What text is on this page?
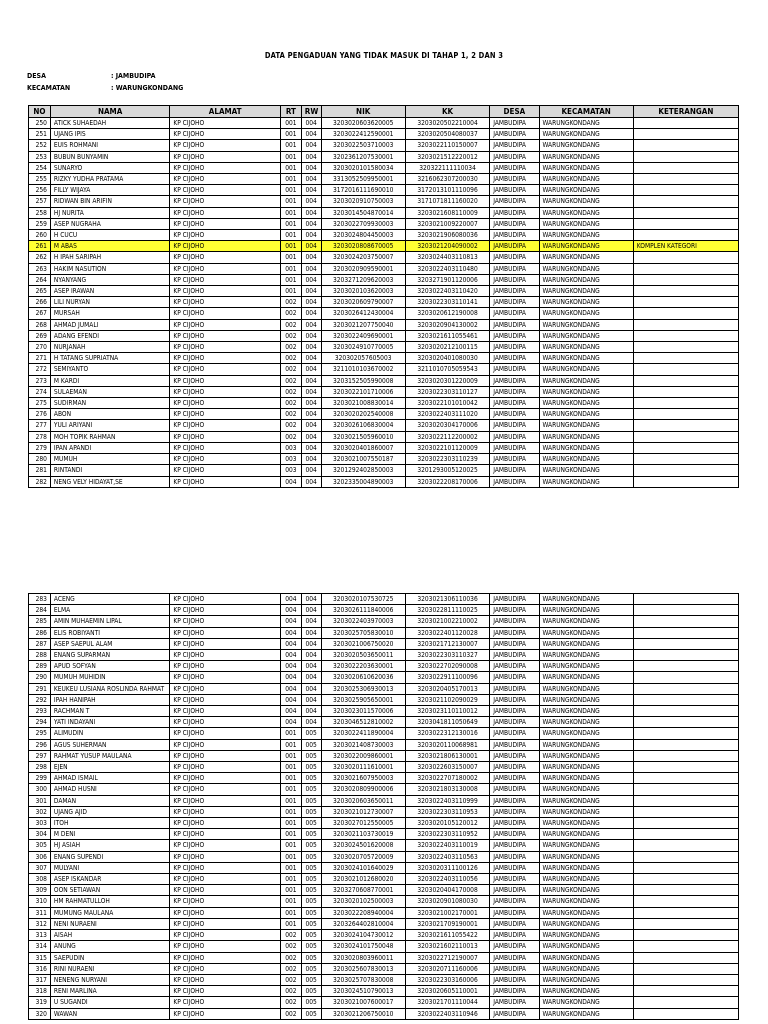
DATA PENGADUAN YANG TIDAK MASUK DI TAHAP 1, 2 DAN 3
DESA	: JAMBUDIPA
KECAMATAN	: WARUNGKONDANG
NO	NAMA	ALAMAT	RT	RW	NIK	KK	DESA	KECAMATAN	KETERANGAN
250	ATICK SUHAEDAH	KP CIJOHO	001	004	3203020603620005	3203020502210004	JAMBUDIPA	WARUNGKONDANG	
251	UJANG IPIS	KP CIJOHO	001	004	3203022412590001	3203020504080037	JAMBUDIPA	WARUNGKONDANG	
252	EUIS ROHMANI	KP CIJOHO	001	004	3203022503710003	3203022110150007	JAMBUDIPA	WARUNGKONDANG	
253	BUBUN BUNYAMIN	KP CIJOHO	001	004	3202361207530001	3203021512220012	JAMBUDIPA	WARUNGKONDANG	
254	SUNARYO	KP CIJOHO	001	004	3203020101580034	320322111110034	JAMBUDIPA	WARUNGKONDANG	
255	RIZKY YUDHA PRATAMA	KP CIJOHO	001	004	3313052509950001	3216062307200030	JAMBUDIPA	WARUNGKONDANG	
256	FILLY WIJAYA	KP CIJOHO	001	004	3172016111690010	3172013101110096	JAMBUDIPA	WARUNGKONDANG	
257	RIDWAN BIN ARIFIN	KP CIJOHO	001	004	3203020910750003	3171071811160020	JAMBUDIPA	WARUNGKONDANG	
258	HJ NURITA	KP CIJOHO	001	004	3203014504870014	3203021608110009	JAMBUDIPA	WARUNGKONDANG	
259	ASEP NUGRAHA	KP CIJOHO	001	004	3203022709930003	3203021009220007	JAMBUDIPA	WARUNGKONDANG	
260	H CUCU	KP CIJOHO	001	004	3203024804450003	3203021906080036	JAMBUDIPA	WARUNGKONDANG	
261	M ABAS	KP CIJOHO	001	004	3203020808670005	3203021204090002	JAMBUDIPA	WARUNGKONDANG	KOMPLEN KATEGORI
262	H IPAH SARIPAH	KP CIJOHO	001	004	3203024203750007	3203024403110813	JAMBUDIPA	WARUNGKONDANG	
263	HAKIM NASUTION	KP CIJOHO	001	004	3203020909590001	3203022403110480	JAMBUDIPA	WARUNGKONDANG	
264	NYANYANG	KP CIJOHO	001	004	3203271209620003	3203271901120006	JAMBUDIPA	WARUNGKONDANG	
265	ASEP IRAWAN	KP CIJOHO	001	004	3203020103620003	3203022403110420	JAMBUDIPA	WARUNGKONDANG	
266	LILI NURYAN	KP CIJOHO	002	004	3203020609790007	3203022303110141	JAMBUDIPA	WARUNGKONDANG	
267	MURSAH	KP CIJOHO	002	004	3203026412430004	3203020612190008	JAMBUDIPA	WARUNGKONDANG	
268	AHMAD JUMALI	KP CIJOHO	002	004	3203021207750040	3203020904130002	JAMBUDIPA	WARUNGKONDANG	
269	ADANG EFENDI	KP CIJOHO	002	004	3203022409690001	3203021611055461	JAMBUDIPA	WARUNGKONDANG	
270	NURJANAH	KP CIJOHO	002	004	3203024910770005	3203020212100115	JAMBUDIPA	WARUNGKONDANG	
271	H TATANG SUPRIATNA	KP CIJOHO	002	004	320302057605003	3203020401080030	JAMBUDIPA	WARUNGKONDANG	
272	SEMIYANTO	KP CIJOHO	002	004	3211010103670002	3211010705059543	JAMBUDIPA	WARUNGKONDANG	
273	M KARDI	KP CIJOHO	002	004	3203152505990008	3203020301220009	JAMBUDIPA	WARUNGKONDANG	
274	SULAEMAN	KP CIJOHO	002	004	3203022101710006	3203022303110127	JAMBUDIPA	WARUNGKONDANG	
275	SUDIRMAN	KP CIJOHO	002	004	3203021008830014	3203022101010042	JAMBUDIPA	WARUNGKONDANG	
276	ABON	KP CIJOHO	002	004	3203020202540008	3203022403111020	JAMBUDIPA	WARUNGKONDANG	
277	YULI ARIYANI	KP CIJOHO	002	004	3203026106830004	3203020304170006	JAMBUDIPA	WARUNGKONDANG	
278	MOH TOPIK RAHMAN	KP CIJOHO	002	004	3203021505960010	3203022112200002	JAMBUDIPA	WARUNGKONDANG	
279	IPAN APANDI	KP CIJOHO	003	004	3203020401860007	3203022101120009	JAMBUDIPA	WARUNGKONDANG	
280	MUMUH	KP CIJOHO	003	004	3203021007550187	3203022303110239	JAMBUDIPA	WARUNGKONDANG	
281	RINTANDI	KP CIJOHO	003	004	3201292402850003	3201293005120025	JAMBUDIPA	WARUNGKONDANG	
282	NENG VELY HIDAYAT,SE	KP CIJOHO	004	004	3202335004890003	3203022208170006	JAMBUDIPA	WARUNGKONDANG	
283	ACENG	KP CIJOHO	004	004	3203020107530725	3203021306110036	JAMBUDIPA	WARUNGKONDANG	
284	ELMA	KP CIJOHO	004	004	3203026111840006	3203022811110025	JAMBUDIPA	WARUNGKONDANG	
285	AMIN MUHAEMIN LIPAL	KP CIJOHO	004	004	3203022403970003	3203021002210002	JAMBUDIPA	WARUNGKONDANG	
286	ELIS ROBIYANTI	KP CIJOHO	004	004	3203025705830010	3203022401120028	JAMBUDIPA	WARUNGKONDANG	
287	ASEP SAEPUL ALAM	KP CIJOHO	004	004	3203021006750020	3203021712130007	JAMBUDIPA	WARUNGKONDANG	
288	ENANG SUPARMAN	KP CIJOHO	004	004	3203020503650011	3203022303110327	JAMBUDIPA	WARUNGKONDANG	
289	APUD SOFYAN	KP CIJOHO	004	004	3203022203630001	3203022702090008	JAMBUDIPA	WARUNGKONDANG	
290	MUMUH MUHIDIN	KP CIJOHO	004	004	3203020610620036	3203022911100096	JAMBUDIPA	WARUNGKONDANG	
291	KEUKEU LUSIANA ROSLINDA RAHMAT	KP CIJOHO	004	004	3203025306930013	3203020405170013	JAMBUDIPA	WARUNGKONDANG	
292	IPAH HANIPAH	KP CIJOHO	004	004	3203025905650001	3203021102090029	JAMBUDIPA	WARUNGKONDANG	
293	RACHMAN T	KP CIJOHO	004	004	3203023011570006	3203023110110012	JAMBUDIPA	WARUNGKONDANG	
294	YATI INDAYANI	KP CIJOHO	004	004	3203046512810002	3203041811050649	JAMBUDIPA	WARUNGKONDANG	
295	ALIMUDIN	KP CIJOHO	001	005	3203022411890004	3203022312130016	JAMBUDIPA	WARUNGKONDANG	
296	AGUS SUHERMAN	KP CIJOHO	001	005	3203021408730003	3203020110068981	JAMBUDIPA	WARUNGKONDANG	
297	RAHMAT YUSUP MAULANA	KP CIJOHO	001	005	3203022009860001	3203021806130001	JAMBUDIPA	WARUNGKONDANG	
298	EJEN	KP CIJOHO	001	005	3203020111610001	3203022603150007	JAMBUDIPA	WARUNGKONDANG	
299	AHMAD ISMAIL	KP CIJOHO	001	005	3203021607950003	3203022707180002	JAMBUDIPA	WARUNGKONDANG	
300	AHMAD HUSNI	KP CIJOHO	001	005	3203020809900006	3203021803130008	JAMBUDIPA	WARUNGKONDANG	
301	DAMAN	KP CIJOHO	001	005	3203020603650011	3203022403110999	JAMBUDIPA	WARUNGKONDANG	
302	UJANG AJID	KP CIJOHO	001	005	3203021012730007	3203022303110953	JAMBUDIPA	WARUNGKONDANG	
303	ITOH	KP CIJOHO	001	005	3203027012550005	3203020105120012	JAMBUDIPA	WARUNGKONDANG	
304	M DENI	KP CIJOHO	001	005	3203021103730019	3203022303110952	JAMBUDIPA	WARUNGKONDANG	
305	HJ ASIAH	KP CIJOHO	001	005	3203024501620008	3203022403110019	JAMBUDIPA	WARUNGKONDANG	
306	ENANG SUPENDI	KP CIJOHO	001	005	3203020705720009	3203022403110563	JAMBUDIPA	WARUNGKONDANG	
307	MULYANI	KP CIJOHO	001	005	3203024101640029	3203020311100126	JAMBUDIPA	WARUNGKONDANG	
308	ASEP ISKANDAR	KP CIJOHO	001	005	3203021012680020	3203022403110056	JAMBUDIPA	WARUNGKONDANG	
309	OON SETIAWAN	KP CIJOHO	001	005	3203270608770001	3203020404170008	JAMBUDIPA	WARUNGKONDANG	
310	HM RAHMATULLOH	KP CIJOHO	001	005	3203020102500003	3203020901080030	JAMBUDIPA	WARUNGKONDANG	
311	MUMUNG MAULANA	KP CIJOHO	001	005	3203022208940004	3203021002170001	JAMBUDIPA	WARUNGKONDANG	
312	NENI NURAENI	KP CIJOHO	001	005	3203264402810004	3203021709190001	JAMBUDIPA	WARUNGKONDANG	
313	AISAH	KP CIJOHO	002	005	3203024104730012	3203021611055422	JAMBUDIPA	WARUNGKONDANG	
314	ANUNG	KP CIJOHO	002	005	3203024101750048	3203021602110013	JAMBUDIPA	WARUNGKONDANG	
315	SAEPUDIN	KP CIJOHO	002	005	3203020803960011	3203022712190007	JAMBUDIPA	WARUNGKONDANG	
316	RINI NURAENI	KP CIJOHO	002	005	3203025607830013	3203020711160006	JAMBUDIPA	WARUNGKONDANG	
317	NENENG NURYANI	KP CIJOHO	002	005	3203025707830008	3203022303160006	JAMBUDIPA	WARUNGKONDANG	
318	RENI MARLINA	KP CIJOHO	002	005	3203024510790013	3203020605110001	JAMBUDIPA	WARUNGKONDANG	
319	U SUGANDI	KP CIJOHO	002	005	3203021007600017	3203021701110044	JAMBUDIPA	WARUNGKONDANG	
320	WAWAN	KP CIJOHO	002	005	3203021206750010	3203022403110946	JAMBUDIPA	WARUNGKONDANG	
